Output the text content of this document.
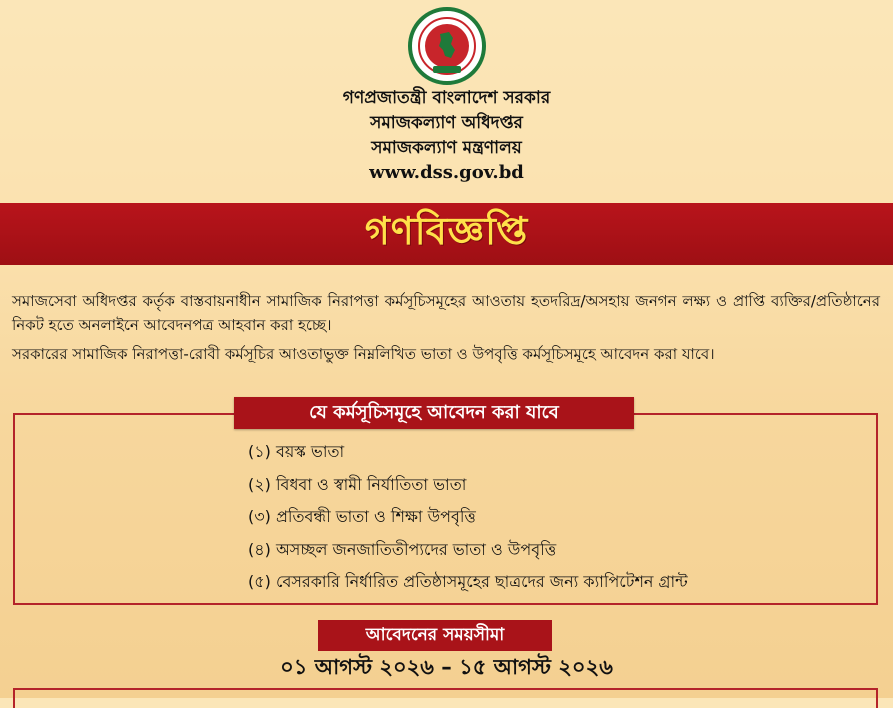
গণপ্রজাতন্ত্রী বাংলাদেশ সরকার
সমাজকল্যাণ অধিদপ্তর
সমাজকল্যাণ মন্ত্রণালয়
www.dss.gov.bd
গণবিজ্ঞপ্তি
সমাজসেবা অধিদপ্তর কর্তৃক বাস্তবায়নাধীন সামাজিক নিরাপত্তা কর্মসূচিসমূহের আওতায় হতদরিদ্র/অসহায় জনগন লক্ষ্য ও প্রাপ্তি ব্যক্তির/প্রতিষ্ঠানের নিকট হতে অনলাইনে আবেদনপত্র আহবান করা হচ্ছে।
সরকারের সামাজিক নিরাপত্তা-রোবী কর্মসূচির আওতাভুক্ত নিম্নলিখিত ভাতা ও উপবৃত্তি কর্মসূচিসমূহে আবেদন করা যাবে।
যে কর্মসূচিসমূহে আবেদন করা যাবে
(১) বয়স্ক ভাতা
(২) বিধবা ও স্বামী নির্যাতিতা ভাতা
(৩) প্রতিবন্ধী ভাতা ও শিক্ষা উপবৃত্তি
(৪) অসচ্ছল জনজাতিতীপ্যদের ভাতা ও উপবৃত্তি
(৫) বেসরকারি নির্ধারিত প্রতিষ্ঠাসমূহের ছাত্রদের জন্য ক্যাপিটেশন গ্রান্ট
আবেদনের সময়সীমা
০১ আগস্ট ২০২৬ – ১৫ আগস্ট ২০২৬
